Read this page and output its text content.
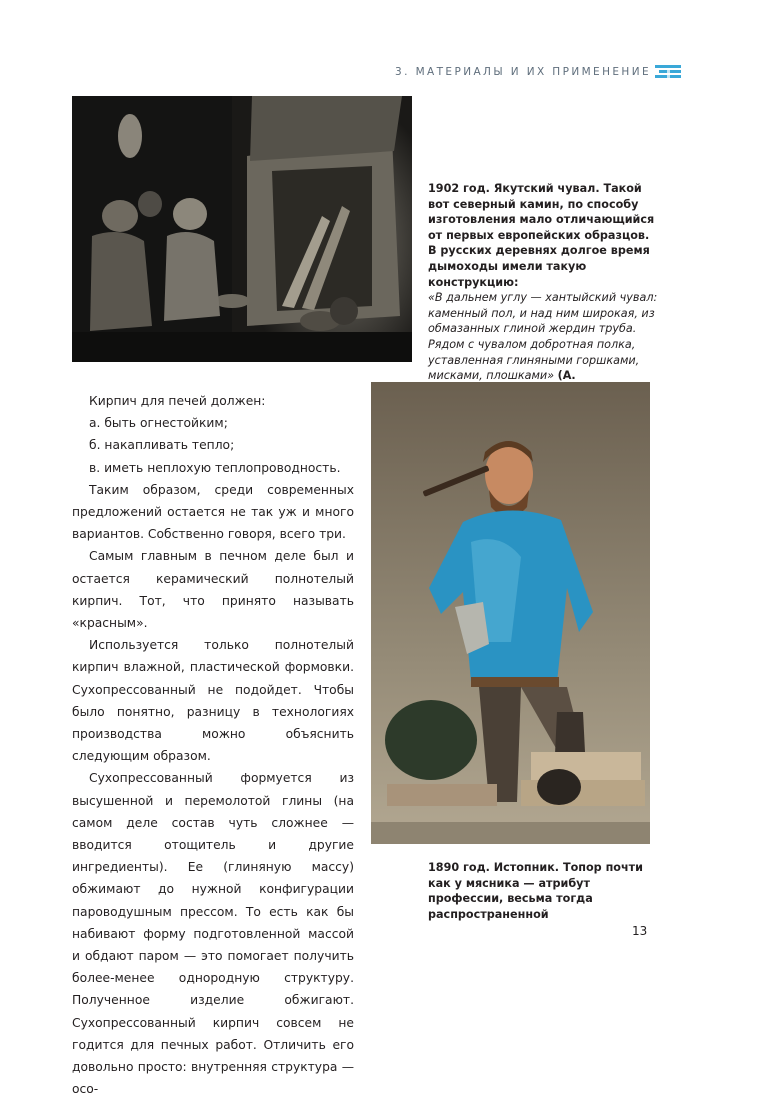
3. МАТЕРИАЛЫ И ИХ ПРИМЕНЕНИЕ
1902 год. Якутский чувал. Такой вот северный камин, по способу изготовления мало отличающийся от первых европейских образцов. В русских деревнях долгое время дымоходы имели такую конструкцию:
«В дальнем углу — хантыйский чувал: каменный пол, и над ним широкая, из обмазанных глиной жердин труба. Рядом с чувалом добротная полка, уставленная глиняными горшками, мисками, плошками» (А.
1890 год. Истопник. Топор почти как у мясника — атрибут профессии, весьма тогда распространенной

Кирпич для печей должен:

а. быть огнестойким;

б. накапливать тепло;

в. иметь неплохую теплопроводность.

Таким образом, среди современных предложений остается не так уж и много вариантов. Собственно говоря, всего три.

Самым главным в печном деле был и остается керамический полнотелый кирпич. Тот, что принято называть «красным».

Используется только полнотелый кирпич влажной, пластической формовки. Сухопрессованный не подойдет. Чтобы было понятно, разницу в технологиях производства можно объяснить следующим образом.

Сухопрессованный формуется из высушенной и перемолотой глины (на самом деле состав чуть сложнее — вводится отощитель и другие ингредиенты). Ее (глиняную массу) обжимают до нужной конфигурации пароводушным прессом. То есть как бы набивают форму подготовленной массой и обдают паром — это помогает получить более-менее однородную структуру. Полученное изделие обжигают. Сухопрессованный кирпич совсем не годится для печных работ. Отличить его довольно просто: внутренняя структура — осо-

13
